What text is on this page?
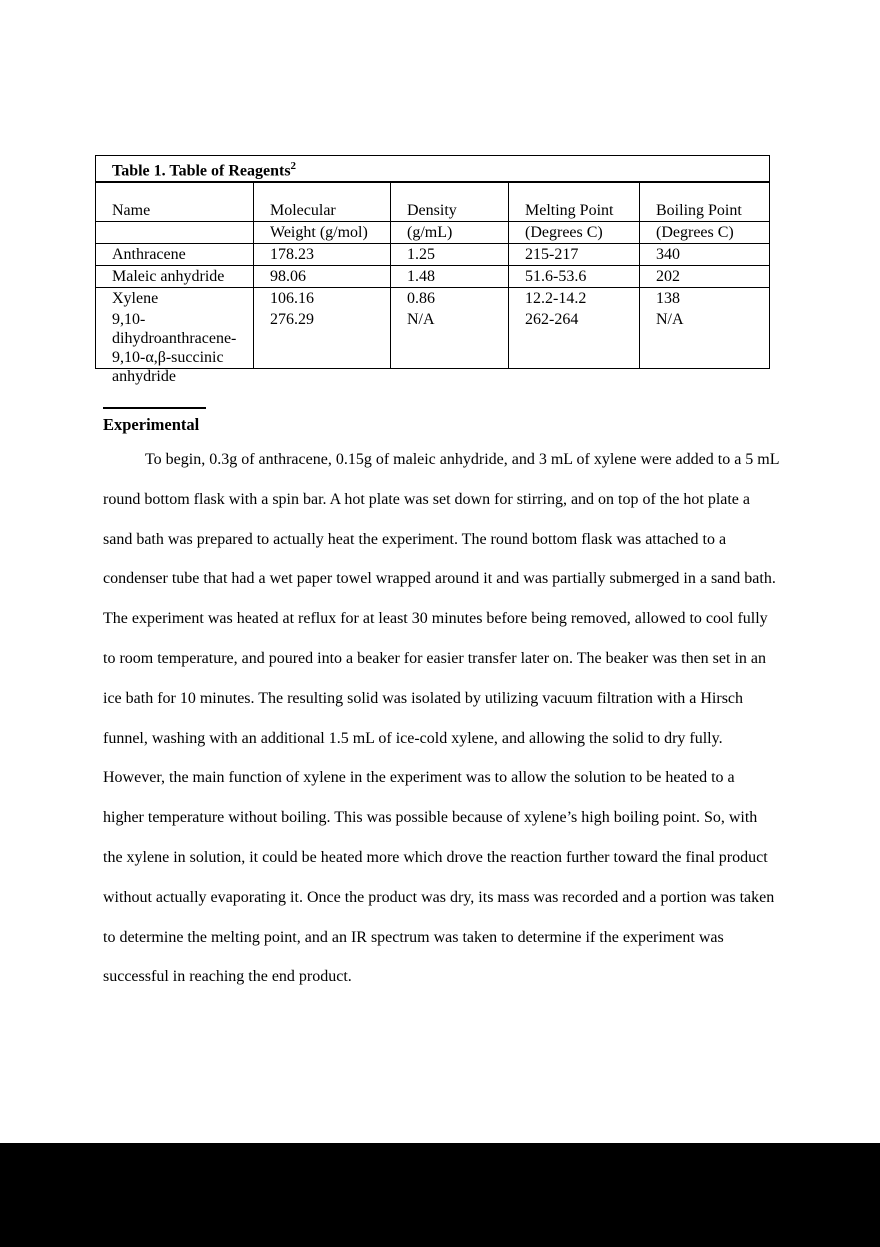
Table 1. Table of Reagents$^2$
Name	Molecular	Density	Melting Point	Boiling Point
	Weight (g/mol)	(g/mL)	(Degrees C)	(Degrees C)
Anthracene	178.23	1.25	215-217	340
Maleic anhydride	98.06	1.48	51.6-53.6	202
Xylene	106.16	0.86	12.2-14.2	138

9,10-dihydroanthracene-9,10-α,β-succinic anhydride	276.29	N/A	262-264	N/A
Experimental
To begin, 0.3g of anthracene, 0.15g of maleic anhydride, and 3 mL of xylene were added to a 5 mL round bottom flask with a spin bar. A hot plate was set down for stirring, and on top of the hot plate a sand bath was prepared to actually heat the experiment. The round bottom flask was attached to a condenser tube that had a wet paper towel wrapped around it and was partially submerged in a sand bath. The experiment was heated at reflux for at least 30 minutes before being removed, allowed to cool fully to room temperature, and poured into a beaker for easier transfer later on. The beaker was then set in an ice bath for 10 minutes. The resulting solid was isolated by utilizing vacuum filtration with a Hirsch funnel, washing with an additional 1.5 mL of ice-cold xylene, and allowing the solid to dry fully. However, the main function of xylene in the experiment was to allow the solution to be heated to a higher temperature without boiling. This was possible because of xylene’s high boiling point. So, with the xylene in solution, it could be heated more which drove the reaction further toward the final product without actually evaporating it. Once the product was dry, its mass was recorded and a portion was taken to determine the melting point, and an IR spectrum was taken to determine if the experiment was successful in reaching the end product.
